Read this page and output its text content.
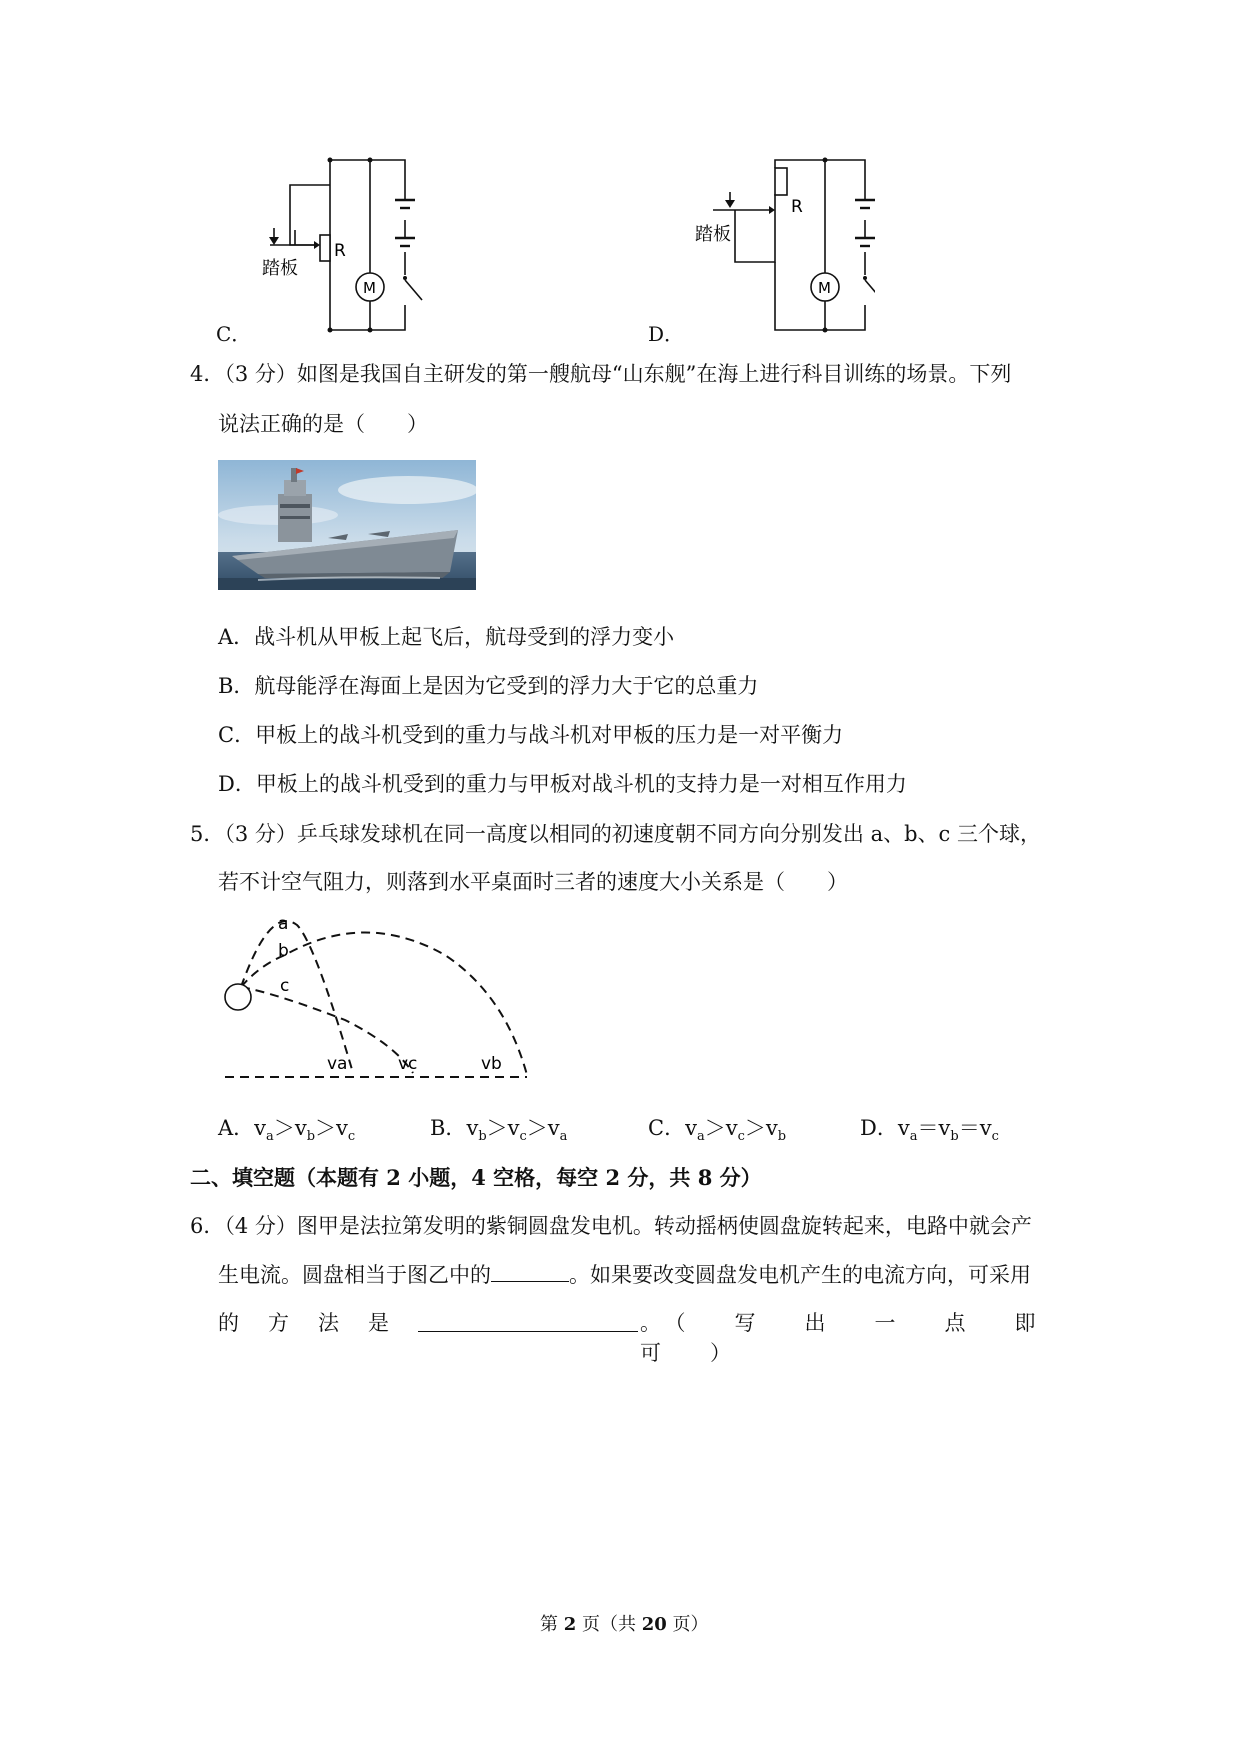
C．
R
M
踏板
D．
R
M
踏板
4．（3 分）如图是我国自主研发的第一艘航母“山东舰”在海上进行科目训练的场景。下列
说法正确的是（　　）
A．战斗机从甲板上起飞后，航母受到的浮力变小
B．航母能浮在海面上是因为它受到的浮力大于它的总重力
C．甲板上的战斗机受到的重力与战斗机对甲板的压力是一对平衡力
D．甲板上的战斗机受到的重力与甲板对战斗机的支持力是一对相互作用力
5．（3 分）乒乓球发球机在同一高度以相同的初速度朝不同方向分别发出 a、b、c 三个球，
若不计空气阻力，则落到水平桌面时三者的速度大小关系是（　　）
a
b
c
va	vc	vb
A．$v_a>v_b>v_c$	B．$v_b>v_c>v_a$	C．$v_a>v_c>v_b$	D．$v_a=v_b=v_c$
二、填空题（本题有 2 小题，4 空格，每空 2 分，共 8 分）
6．（4 分）图甲是法拉第发明的紫铜圆盘发电机。转动摇柄使圆盘旋转起来，电路中就会产
生电流。圆盘相当于图乙中的	。如果要改变圆盘发电机产生的电流方向，可采用
的 方 法 是	。（　写　出　一　点　即　可　）
第 2 页（共 20 页）
